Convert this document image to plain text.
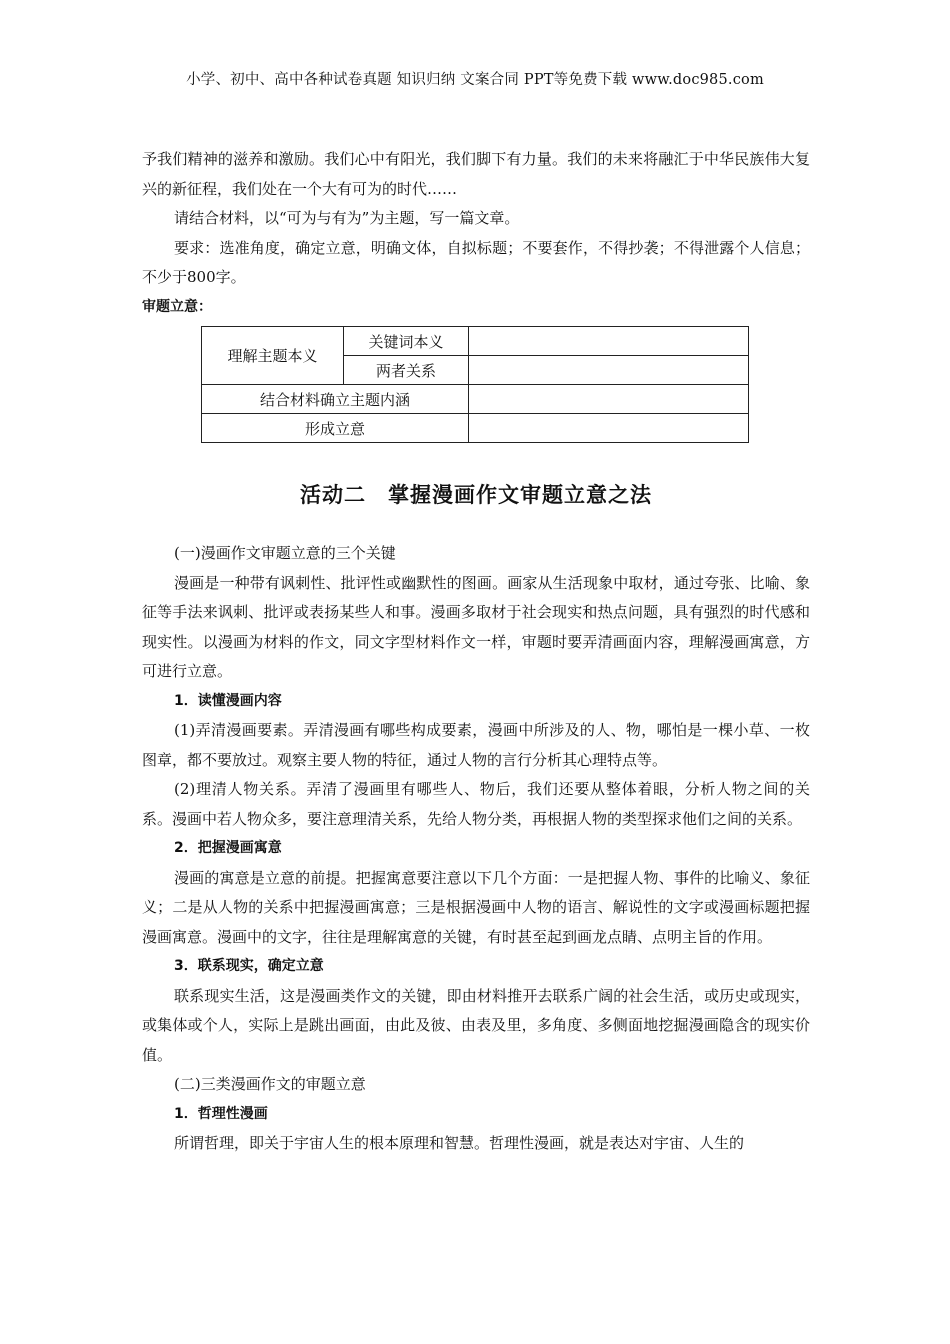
小学、初中、高中各种试卷真题 知识归纳 文案合同 PPT等免费下载 www.doc985.com

予我们精神的滋养和激励。我们心中有阳光，我们脚下有力量。我们的未来将融汇于中华民族伟大复兴的新征程，我们处在一个大有可为的时代……

请结合材料，以“可为与有为”为主题，写一篇文章。

要求：选准角度，确定立意，明确文体，自拟标题；不要套作，不得抄袭；不得泄露个人信息；不少于800字。

审题立意：

理解主题本义	关键词本义	
	两者关系	
结合材料确立主题内涵		
形成立意		
活动二 掌握漫画作文审题立意之法

(一)漫画作文审题立意的三个关键

漫画是一种带有讽刺性、批评性或幽默性的图画。画家从生活现象中取材，通过夸张、比喻、象征等手法来讽刺、批评或表扬某些人和事。漫画多取材于社会现实和热点问题，具有强烈的时代感和现实性。以漫画为材料的作文，同文字型材料作文一样，审题时要弄清画面内容，理解漫画寓意，方可进行立意。

1．读懂漫画内容

(1)弄清漫画要素。弄清漫画有哪些构成要素，漫画中所涉及的人、物，哪怕是一棵小草、一枚图章，都不要放过。观察主要人物的特征，通过人物的言行分析其心理特点等。

(2)理清人物关系。弄清了漫画里有哪些人、物后，我们还要从整体着眼，分析人物之间的关系。漫画中若人物众多，要注意理清关系，先给人物分类，再根据人物的类型探求他们之间的关系。

2．把握漫画寓意

漫画的寓意是立意的前提。把握寓意要注意以下几个方面：一是把握人物、事件的比喻义、象征义；二是从人物的关系中把握漫画寓意；三是根据漫画中人物的语言、解说性的文字或漫画标题把握漫画寓意。漫画中的文字，往往是理解寓意的关键，有时甚至起到画龙点睛、点明主旨的作用。

3．联系现实，确定立意

联系现实生活，这是漫画类作文的关键，即由材料推开去联系广阔的社会生活，或历史或现实，或集体或个人，实际上是跳出画面，由此及彼、由表及里，多角度、多侧面地挖掘漫画隐含的现实价值。

(二)三类漫画作文的审题立意

1．哲理性漫画

所谓哲理，即关于宇宙人生的根本原理和智慧。哲理性漫画，就是表达对宇宙、人生的
